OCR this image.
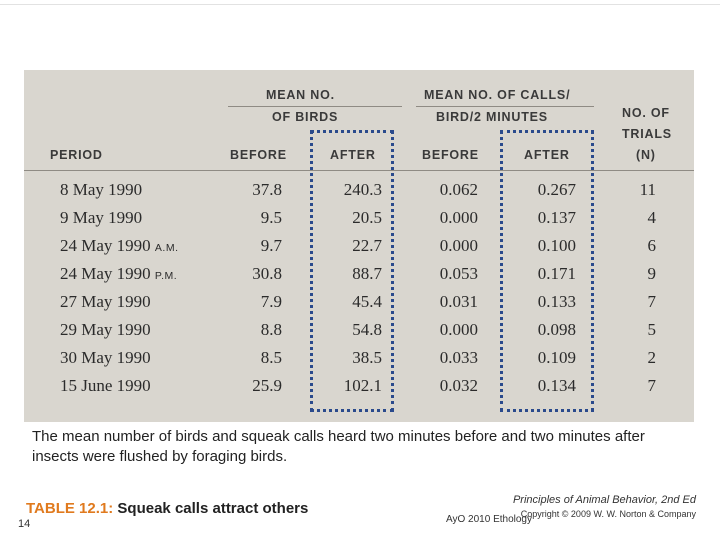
MEAN NO.
OF BIRDS
MEAN NO. OF CALLS/
BIRD/2 MINUTES	NO. OF
TRIALS
(N)
PERIOD	BEFORE	AFTER	BEFORE	AFTER
8 May 1990	37.8	240.3	0.062	0.267	11
9 May 1990	9.5	20.5	0.000	0.137	4
24 May 1990 A.M.	9.7	22.7	0.000	0.100	6
24 May 1990 P.M.	30.8	88.7	0.053	0.171	9
27 May 1990	7.9	45.4	0.031	0.133	7
29 May 1990	8.8	54.8	0.000	0.098	5
30 May 1990	8.5	38.5	0.033	0.109	2
15 June 1990	25.9	102.1	0.032	0.134	7
The mean number of birds and squeak calls heard two minutes before and two minutes after insects were flushed by foraging birds.
TABLE 12.1: Squeak calls attract others	Principles of Animal Behavior, 2nd Ed
Copyright © 2009 W. W. Norton & Company
14	AyO 2010 Ethology
